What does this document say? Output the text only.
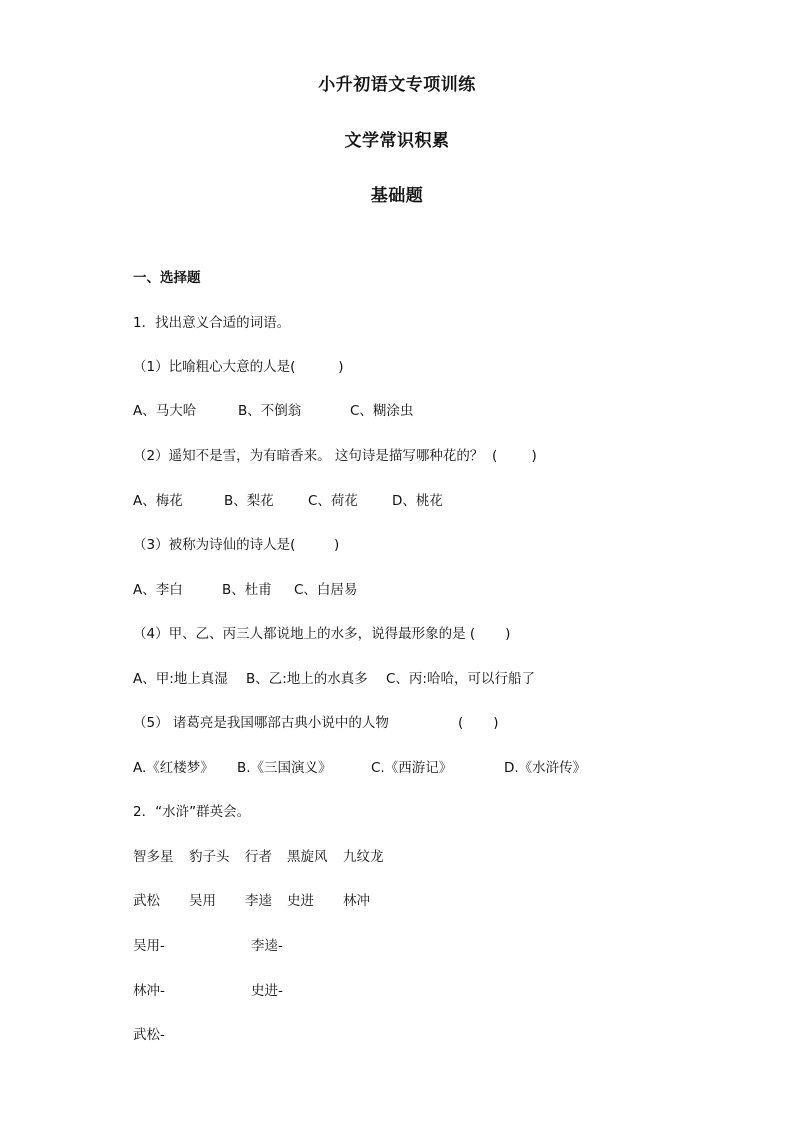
小升初语文专项训练
文学常识积累
基础题
一、选择题
1．找出意义合适的词语。
（1）比喻粗心大意的人是(          )
A、马大哈	B、不倒翁	C、糊涂虫
（2）遥知不是雪，为有暗香来。 这句诗是描写哪种花的？  (        )
A、梅花	B、梨花	C、荷花	D、桃花
（3）被称为诗仙的诗人是(         )
A、李白	B、杜甫 C、白居易
（4）甲、乙、丙三人都说地上的水多，说得最形象的是 (       )
A、甲:地上真湿 B、乙:地上的水真多 C、丙:哈哈，可以行船了
（5） 诸葛亮是我国哪部古典小说中的人物	(       )
A.《红楼梦》 B.《三国演义》	C.《西游记》	D.《水浒传》
2．“水浒”群英会。
智多星 豹子头 行者 黑旋风 九纹龙
武松 吴用 李逵 史进 林冲
吴用-	李逵-
林冲-	史进-
武松-
